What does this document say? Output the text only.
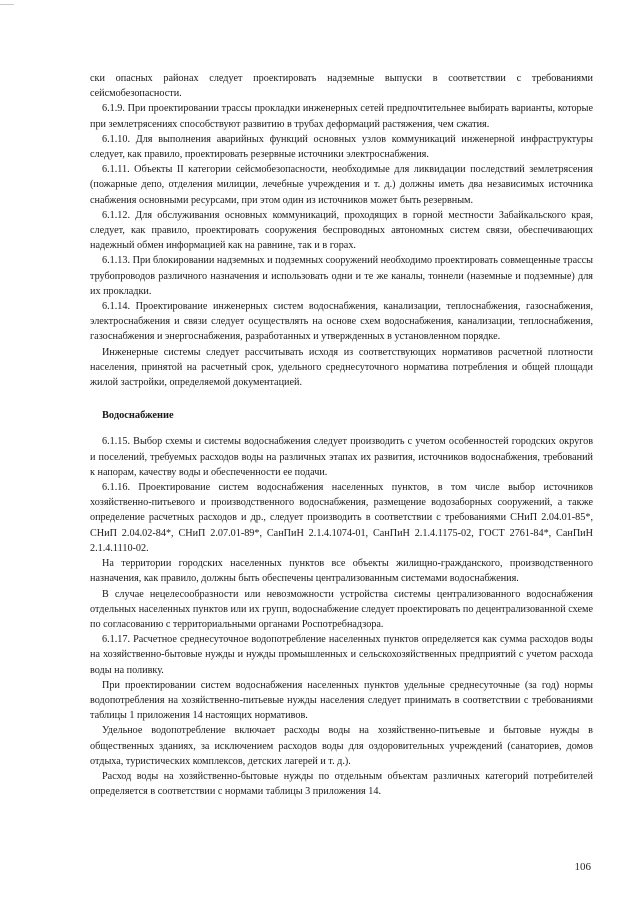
ски опасных районах следует проектировать надземные выпуски в соответствии с требованиями сейсмобезопасности.

6.1.9. При проектировании трассы прокладки инженерных сетей предпочтительнее выбирать варианты, которые при землетрясениях способствуют развитию в трубах деформаций растяжения, чем сжатия.

6.1.10. Для выполнения аварийных функций основных узлов коммуникаций инженерной инфраструктуры следует, как правило, проектировать резервные источники электроснабжения.

6.1.11. Объекты II категории сейсмобезопасности, необходимые для ликвидации последствий землетрясения (пожарные депо, отделения милиции, лечебные учреждения и т. д.) должны иметь два независимых источника снабжения основными ресурсами, при этом один из источников может быть резервным.

6.1.12. Для обслуживания основных коммуникаций, проходящих в горной местности Забайкальского края, следует, как правило, проектировать сооружения беспроводных автономных систем связи, обеспечивающих надежный обмен информацией как на равнине, так и в горах.

6.1.13. При блокировании надземных и подземных сооружений необходимо проектировать совмещенные трассы трубопроводов различного назначения и использовать одни и те же каналы, тоннели (наземные и подземные) для их прокладки.

6.1.14. Проектирование инженерных систем водоснабжения, канализации, теплоснабжения, газоснабжения, электроснабжения и связи следует осуществлять на основе схем водоснабжения, канализации, теплоснабжения, газоснабжения и энергоснабжения, разработанных и утвержденных в установленном порядке.

Инженерные системы следует рассчитывать исходя из соответствующих нормативов расчетной плотности населения, принятой на расчетный срок, удельного среднесуточного норматива потребления и общей площади жилой застройки, определяемой документацией.

Водоснабжение

6.1.15. Выбор схемы и системы водоснабжения следует производить с учетом особенностей городских округов и поселений, требуемых расходов воды на различных этапах их развития, источников водоснабжения, требований к напорам, качеству воды и обеспеченности ее подачи.

6.1.16. Проектирование систем водоснабжения населенных пунктов, в том числе выбор источников хозяйственно-питьевого и производственного водоснабжения, размещение водозаборных сооружений, а также определение расчетных расходов и др., следует производить в соответствии с требованиями СНиП 2.04.01-85*, СНиП 2.04.02-84*, СНиП 2.07.01-89*, СанПиН 2.1.4.1074-01, СанПиН 2.1.4.1175-02, ГОСТ 2761-84*, СанПиН 2.1.4.1110-02.

На территории городских населенных пунктов все объекты жилищно-гражданского, производственного назначения, как правило, должны быть обеспечены централизованным системами водоснабжения.

В случае нецелесообразности или невозможности устройства системы централизованного водоснабжения отдельных населенных пунктов или их групп, водоснабжение следует проектировать по децентрализованной схеме по согласованию с территориальными органами Роспотребнадзора.

6.1.17. Расчетное среднесуточное водопотребление населенных пунктов определяется как сумма расходов воды на хозяйственно-бытовые нужды и нужды промышленных и сельскохозяйственных предприятий с учетом расхода воды на поливку.

При проектировании систем водоснабжения населенных пунктов удельные среднесуточные (за год) нормы водопотребления на хозяйственно-питьевые нужды населения следует принимать в соответствии с требованиями таблицы 1 приложения 14 настоящих нормативов.

Удельное водопотребление включает расходы воды на хозяйственно-питьевые и бытовые нужды в общественных зданиях, за исключением расходов воды для оздоровительных учреждений (санаториев, домов отдыха, туристических комплексов, детских лагерей и т. д.).

Расход воды на хозяйственно-бытовые нужды по отдельным объектам различных категорий потребителей определяется в соответствии с нормами таблицы 3 приложения 14.

106
